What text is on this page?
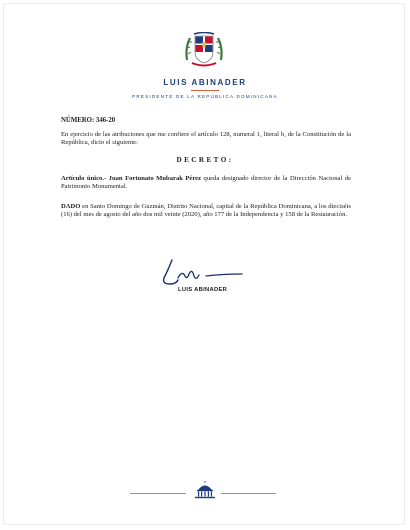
LUIS ABINADER
PRESIDENTE DE LA REPÚBLICA DOMINICANA
NÚMERO: 346-20
En ejercicio de las atribuciones que me confiere el artículo 128, numeral 1, literal b, de la Constitución de la República, dicto el siguiente:
DECRETO:
Artículo único.- Juan Fortunato Mubarak Pérez queda designado director de la Dirección Nacional de Patrimonio Monumental.
DADO en Santo Domingo de Guzmán, Distrito Nacional, capital de la República Dominicana, a los dieciséis (16) del mes de agosto del año dos mil veinte (2020), año 177 de la Independencia y 158 de la Restauración.
LUIS ABINADER
